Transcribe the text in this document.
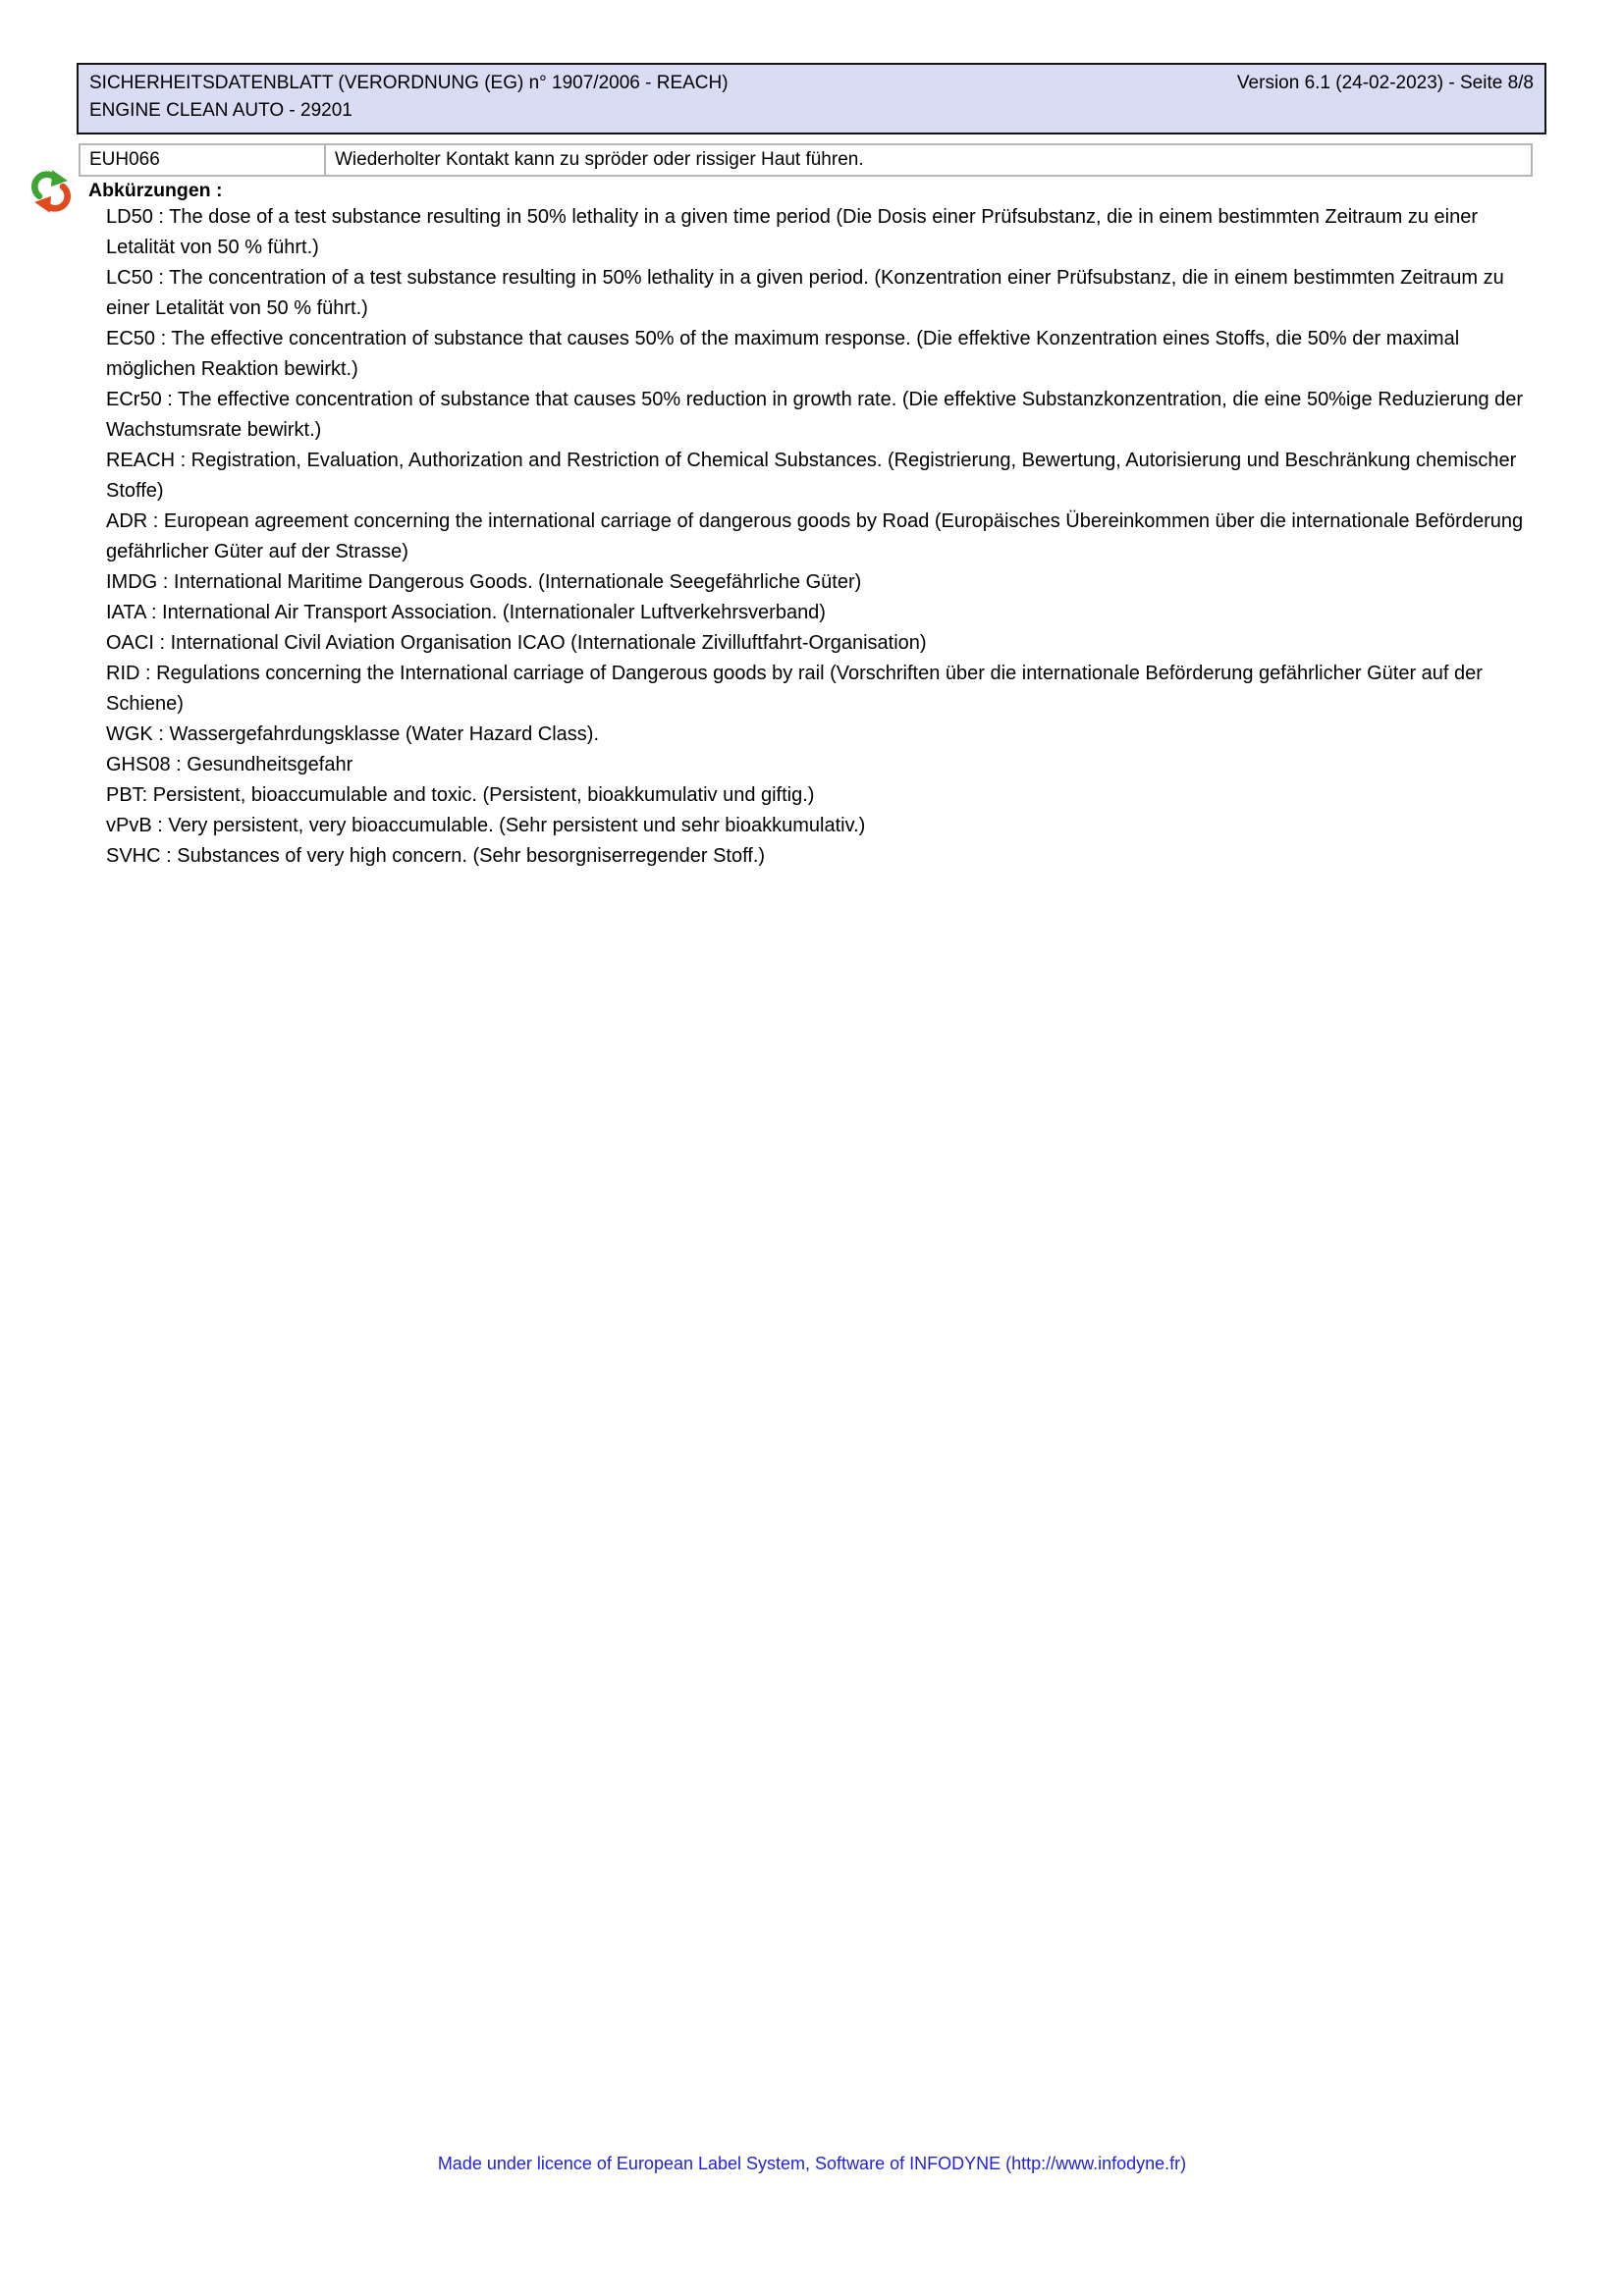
SICHERHEITSDATENBLATT (VERORDNUNG (EG) n° 1907/2006 - REACH)	Version 6.1 (24-02-2023) - Seite 8/8
ENGINE CLEAN AUTO - 29201
EUH066	Wiederholter Kontakt kann zu spröder oder rissiger Haut führen.
Abkürzungen :

LD50 : The dose of a test substance resulting in 50% lethality in a given time period (Die Dosis einer Prüfsubstanz, die in einem bestimmten Zeitraum zu einer Letalität von 50 % führt.)

LC50 : The concentration of a test substance resulting in 50% lethality in a given period. (Konzentration einer Prüfsubstanz, die in einem bestimmten Zeitraum zu einer Letalität von 50 % führt.)

EC50 : The effective concentration of substance that causes 50% of the maximum response. (Die effektive Konzentration eines Stoffs, die 50% der maximal möglichen Reaktion bewirkt.)

ECr50 : The effective concentration of substance that causes 50% reduction in growth rate. (Die effektive Substanzkonzentration, die eine 50%ige Reduzierung der Wachstumsrate bewirkt.)

REACH : Registration, Evaluation, Authorization and Restriction of Chemical Substances. (Registrierung, Bewertung, Autorisierung und Beschränkung chemischer Stoffe)

ADR : European agreement concerning the international carriage of dangerous goods by Road (Europäisches Übereinkommen über die internationale Beförderung gefährlicher Güter auf der Strasse)

IMDG : International Maritime Dangerous Goods. (Internationale Seegefährliche Güter)

IATA : International Air Transport Association. (Internationaler Luftverkehrsverband)

OACI : International Civil Aviation Organisation ICAO (Internationale Zivilluftfahrt-Organisation)

RID : Regulations concerning the International carriage of Dangerous goods by rail (Vorschriften über die internationale Beförderung gefährlicher Güter auf der Schiene)

WGK : Wassergefahrdungsklasse (Water Hazard Class).

GHS08 : Gesundheitsgefahr

PBT: Persistent, bioaccumulable and toxic. (Persistent, bioakkumulativ und giftig.)

vPvB : Very persistent, very bioaccumulable. (Sehr persistent und sehr bioakkumulativ.)

SVHC : Substances of very high concern. (Sehr besorgniserregender Stoff.)

Made under licence of European Label System, Software of INFODYNE (http://www.infodyne.fr)
